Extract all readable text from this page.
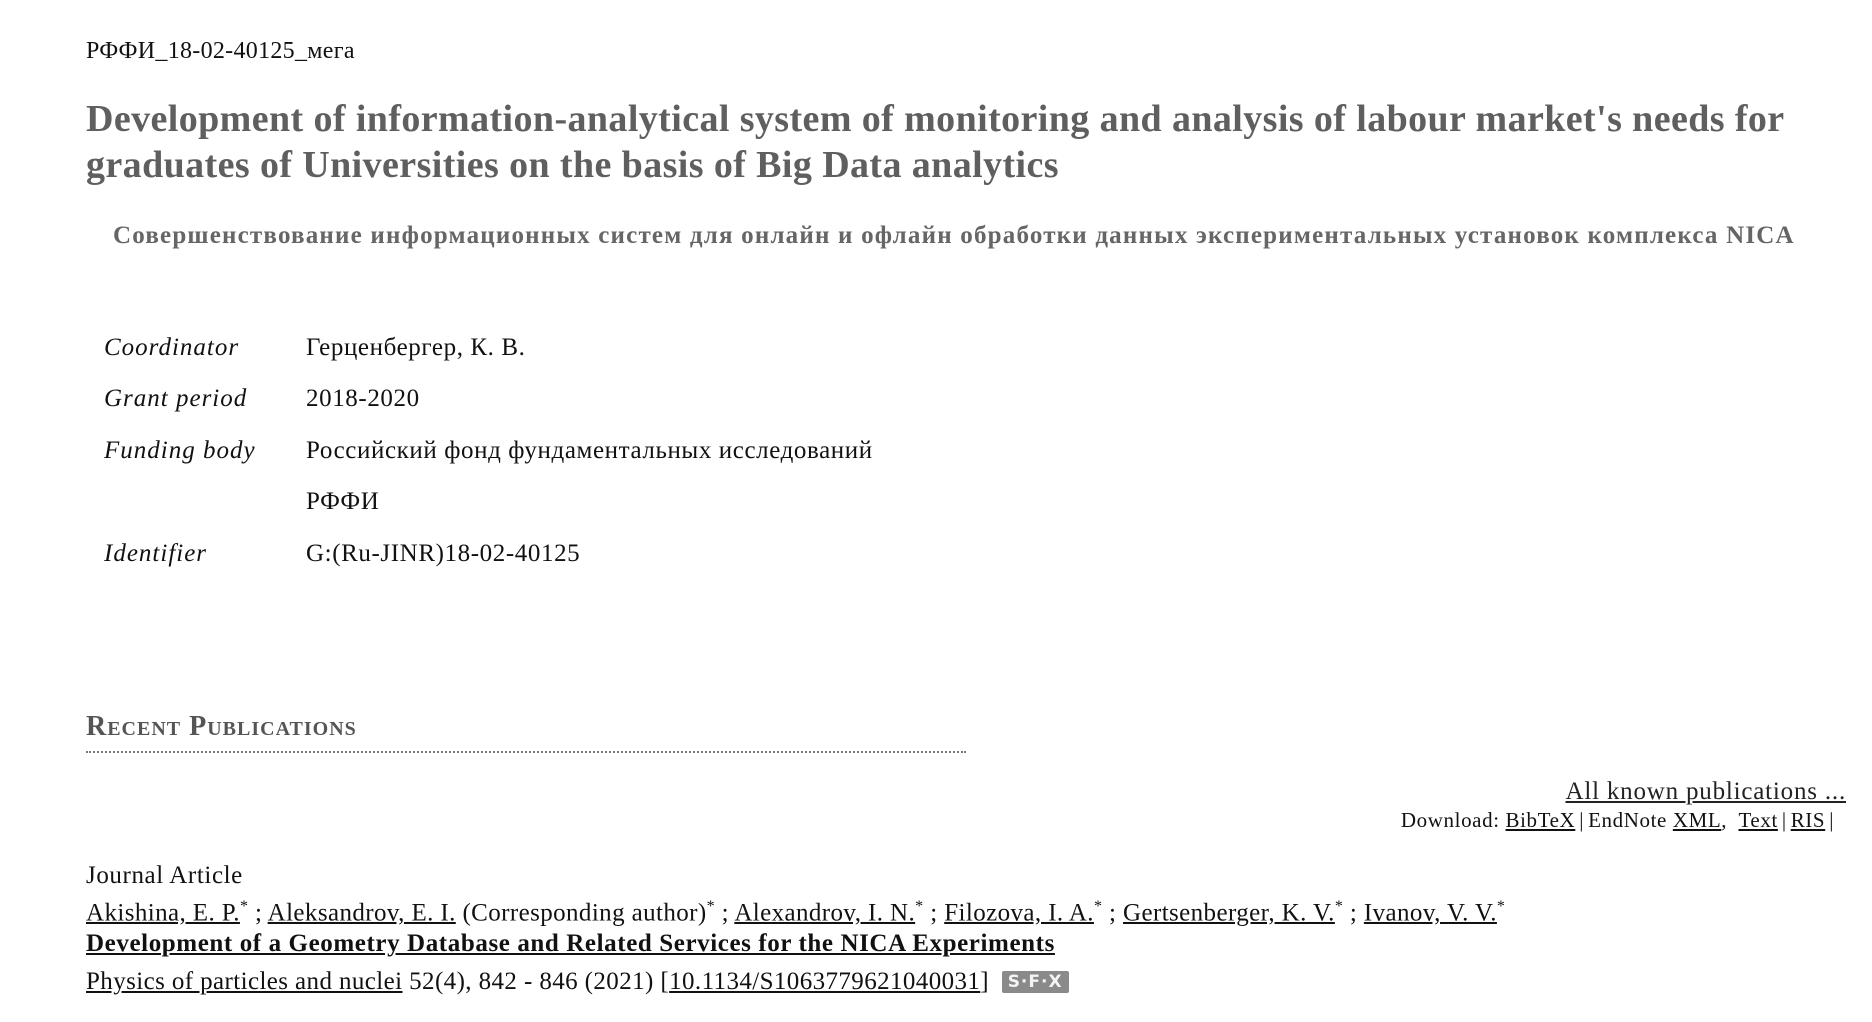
РФФИ_18-02-40125_мега
Development of information-analytical system of monitoring and analysis of labour market's needs for graduates of Universities on the basis of Big Data analytics
Совершенствование информационных систем для онлайн и офлайн обработки данных экспериментальных установок комплекса NICA
Coordinator	Герценбергер, К. В.
Grant period	2018-2020
Funding body	Российский фонд фундаментальных исследований
	РФФИ
Identifier	G:(Ru-JINR)18-02-40125
Recent Publications
All known publications ...
Download: BibTeX | EndNote XML,  Text | RIS |
Journal Article
Akishina, E. P.* ; Aleksandrov, E. I. (Corresponding author)* ; Alexandrov, I. N.* ; Filozova, I. A.* ; Gertsenberger, K. V.* ; Ivanov, V. V.*
Development of a Geometry Database and Related Services for the NICA Experiments
Physics of particles and nuclei 52(4), 842 - 846 (2021) [10.1134/S1063779621040031] S·F·X
